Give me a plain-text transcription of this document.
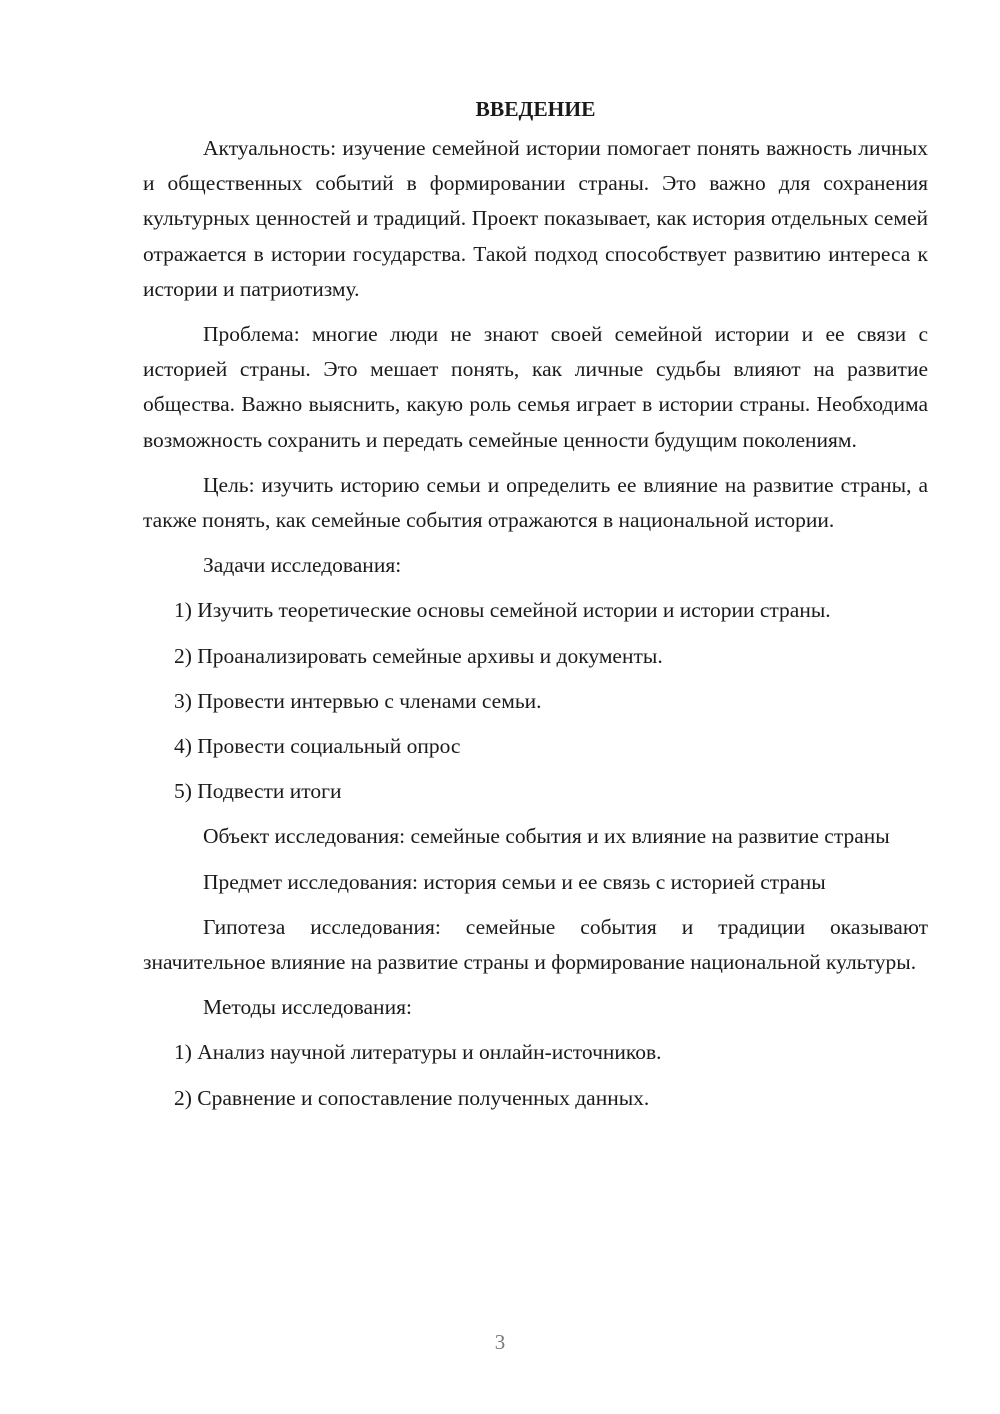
ВВЕДЕНИЕ
Актуальность: изучение семейной истории помогает понять важность личных и общественных событий в формировании страны. Это важно для сохранения культурных ценностей и традиций. Проект показывает, как история отдельных семей отражается в истории государства. Такой подход способствует развитию интереса к истории и патриотизму.
Проблема: многие люди не знают своей семейной истории и ее связи с историей страны. Это мешает понять, как личные судьбы влияют на развитие общества. Важно выяснить, какую роль семья играет в истории страны. Необходима возможность сохранить и передать семейные ценности будущим поколениям.
Цель: изучить историю семьи и определить ее влияние на развитие страны, а также понять, как семейные события отражаются в национальной истории.
Задачи исследования:
1) Изучить теоретические основы семейной истории и истории страны.
2) Проанализировать семейные архивы и документы.
3) Провести интервью с членами семьи.
4) Провести социальный опрос
5) Подвести итоги
Объект исследования: семейные события и их влияние на развитие страны
Предмет исследования: история семьи и ее связь с историей страны
Гипотеза исследования: семейные события и традиции оказывают значительное влияние на развитие страны и формирование национальной культуры.
Методы исследования:
1) Анализ научной литературы и онлайн-источников.
2) Сравнение и сопоставление полученных данных.
3
